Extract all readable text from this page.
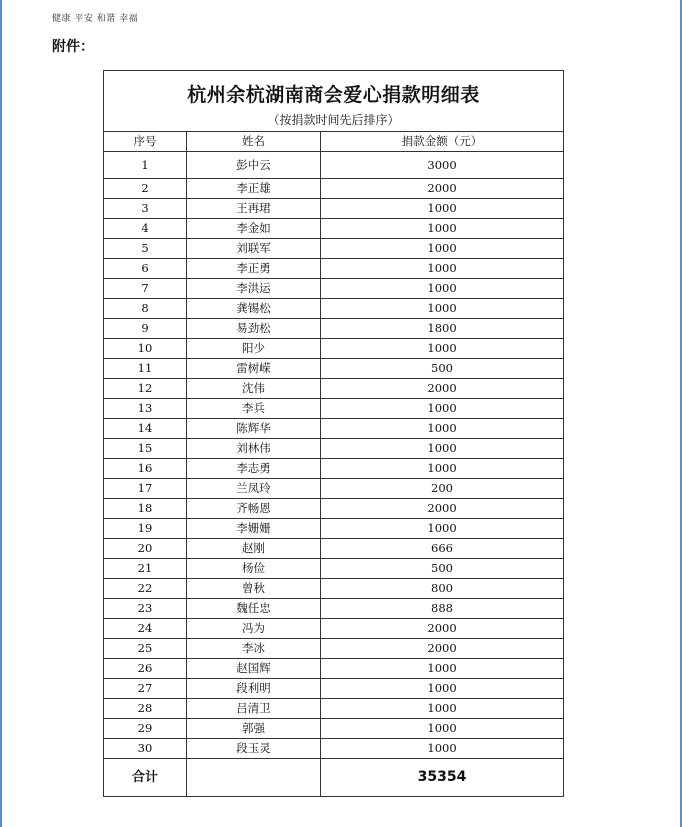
健康 平安 和谐 幸福
附件：
杭州余杭湖南商会爱心捐款明细表
（按捐款时间先后排序）		

序号	姓名	捐款金额（元）
1	彭中云	3000
2	李正雄	2000
3	王再珺	1000
4	李金如	1000
5	刘联军	1000
6	李正勇	1000
7	李洪运	1000
8	龚锡松	1000
9	易劲松	1800
10	阳少	1000
11	雷树嵘	500
12	沈伟	2000
13	李兵	1000
14	陈辉华	1000
15	刘林伟	1000
16	李志勇	1000
17	兰凤玲	200
18	齐畅恩	2000
19	李姗姗	1000
20	赵刚	666
21	杨俭	500
22	曾秋	800
23	魏任忠	888
24	冯为	2000
25	李冰	2000
26	赵国辉	1000
27	段利明	1000
28	吕清卫	1000
29	郭强	1000
30	段玉灵	1000
合计		35354
